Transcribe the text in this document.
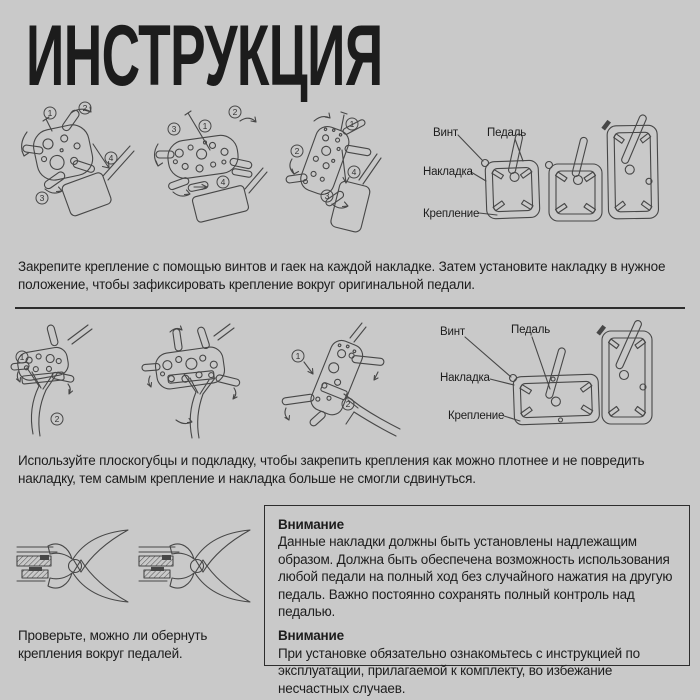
ИНСТРУКЦИЯ
1	2
3
4
3	1
2
4
1
2
3
4
Винт	Педаль
Накладка
Крепление

Закрепите крепление с помощью винтов и гаек на каждой накладке. Затем установите накладку в нужное положение, чтобы зафиксировать крепление вокруг оригинальной педали.

1
2
1
2
Винт	Педаль
Накладка
Крепление

Используйте плоскогубцы и подкладку, чтобы закрепить крепления как можно плотнее и не повредить накладку, тем самым крепление и накладка больше не смогли сдвинуться.

Проверьте, можно ли обернуть крепления вокруг педалей.

Внимание
Данные накладки должны быть установлены надлежащим образом. Должна быть обеспечена возможность использования любой педали на полный ход без случайного нажатия на другую педаль. Важно постоянно сохранять полный контроль над педалью.
Внимание
При установке обязательно ознакомьтесь с инструкцией по эксплуатации, прилагаемой к комплекту, во избежание несчастных случаев.
